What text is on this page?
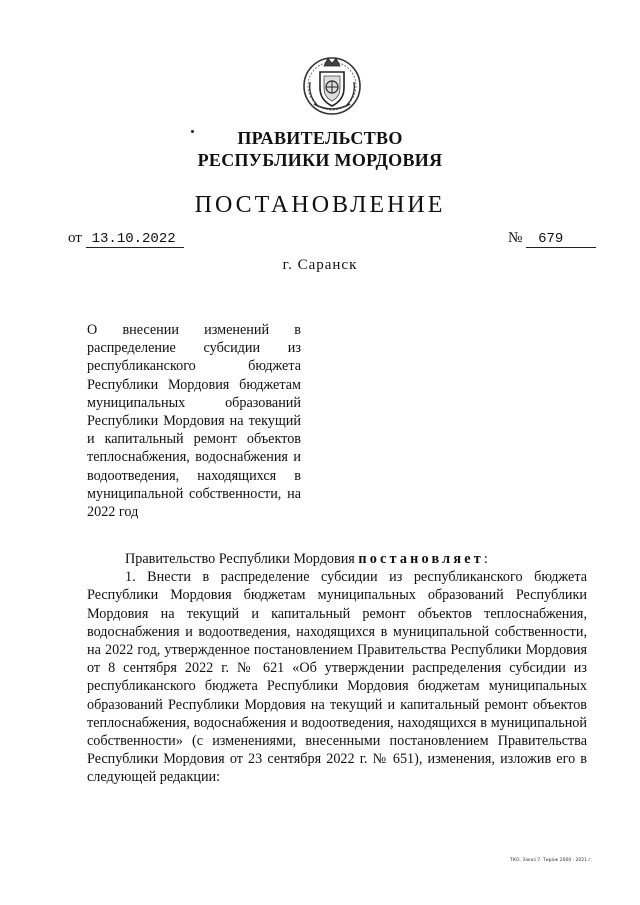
ПРАВИТЕЛЬСТВО
РЕСПУБЛИКИ МОРДОВИЯ
ПОСТАНОВЛЕНИЕ
от 13.10.2022	№ 679
г. Саранск
О внесении изменений в распределение субсидии из республиканского бюджета Республики Мордовия бюджетам муниципальных образований Республики Мордовия на текущий и капитальный ремонт объектов теплоснабжения, водоснабжения и водоотведения, находящихся в муниципальной собственности, на 2022 год

Правительство Республики Мордовия постановляет:

1. Внести в распределение субсидии из республиканского бюджета Республики Мордовия бюджетам муниципальных образований Республики Мордовия на текущий и капитальный ремонт объектов теплоснабжения, водоснабжения и водоотведения, находящихся в муниципальной собственности, на 2022 год, утвержденное постановлением Правительства Республики Мордовия от 8 сентября 2022 г. № 621 «Об утверждении распределения субсидии из республиканского бюджета Республики Мордовия бюджетам муниципальных образований Республики Мордовия на текущий и капитальный ремонт объектов теплоснабжения, водоснабжения и водоотведения, находящихся в муниципальной собственности» (с изменениями, внесенными постановлением Правительства Республики Мордовия от 23 сентября 2022 г. № 651), изменения, изложив его в следующей редакции:

ТКО. Заказ 7. Тираж 2000 · 2021 г.
